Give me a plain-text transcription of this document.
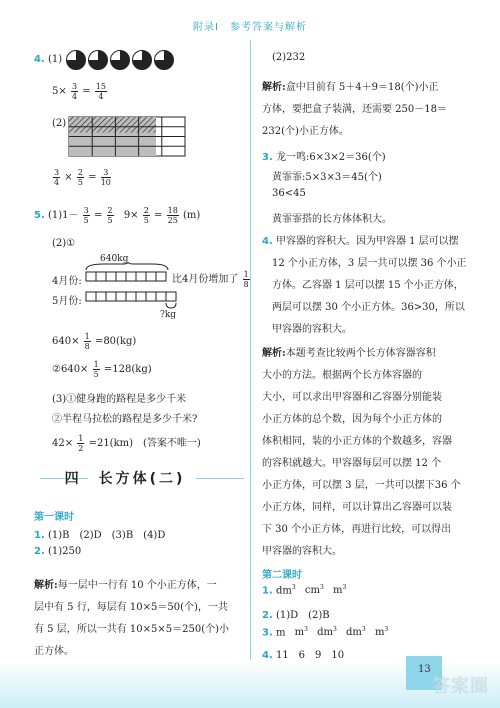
附录Ⅰ　参考答案与解析
4. (1)
$5\times \frac{3}{4} = \frac{15}{4}$
(2)
$\frac{3}{4} \times \frac{2}{5} = \frac{3}{10}$
5. $(1)1- \frac{3}{5} = \frac{2}{5} 9\times \frac{2}{5} = \frac{18}{25} (m)$
(2)①
640kg
4月份:
5月份:
比4月份增加了 $\frac{1}{8}$
?kg
$640\times \frac{1}{8} =80(kg)$
②640× $\frac{1}{5} =128(kg)$
(3)①健身跑的路程是多少千米
②半程马拉松的路程是多少千米?
$42\times \frac{1}{2} =21(km)$　(答案不唯一)
四　长方体(二)
第一课时
1. (1)B　(2)D　(3)B　(4)D
2. (1)250
解析:每一层中一行有 10 个小正方体，一
层中有 5 行，每层有 10×5＝50(个)，一共
有 5 层，所以一共有 10×5×5＝250(个)小
正方体。
(2)232
解析:盒中目前有 5＋4＋9＝18(个)小正
方体，要把盒子装满，还需要 250－18＝
232(个)小正方体。
3. 龙一鸣:6×3×2＝36(个)
黄霏霏:5×3×3＝45(个)
36<45
黄霏霏搭的长方体体积大。
4. 甲容器的容积大。因为甲容器 1 层可以摆
12 个小正方体，3 层一共可以摆 36 个小正
方体。乙容器 1 层可以摆 15 个小正方体，
两层可以摆 30 个小正方体。36>30，所以
甲容器的容积大。
解析:本题考查比较两个长方体容器容积
大小的方法。根据两个长方体容器的
大小，可以求出甲容器和乙容器分别能装
小正方体的总个数，因为每个小正方体的
体积相同，装的小正方体的个数越多，容器
的容积就越大。甲容器每层可以摆 12 个
小正方体，可以摆 3 层，一共可以摆下36 个
小正方体，同样，可以计算出乙容器可以装
下 30 个小正方体，再进行比较，可以得出
甲容器的容积大。
第二课时
1. $dm^3$ $cm^3$ $m^3$
2. (1)D　(2)B
3. m $m^3$ $dm^3$ $dm^3$ $m^3$
4. 11　6　9　10
13
答案圈
